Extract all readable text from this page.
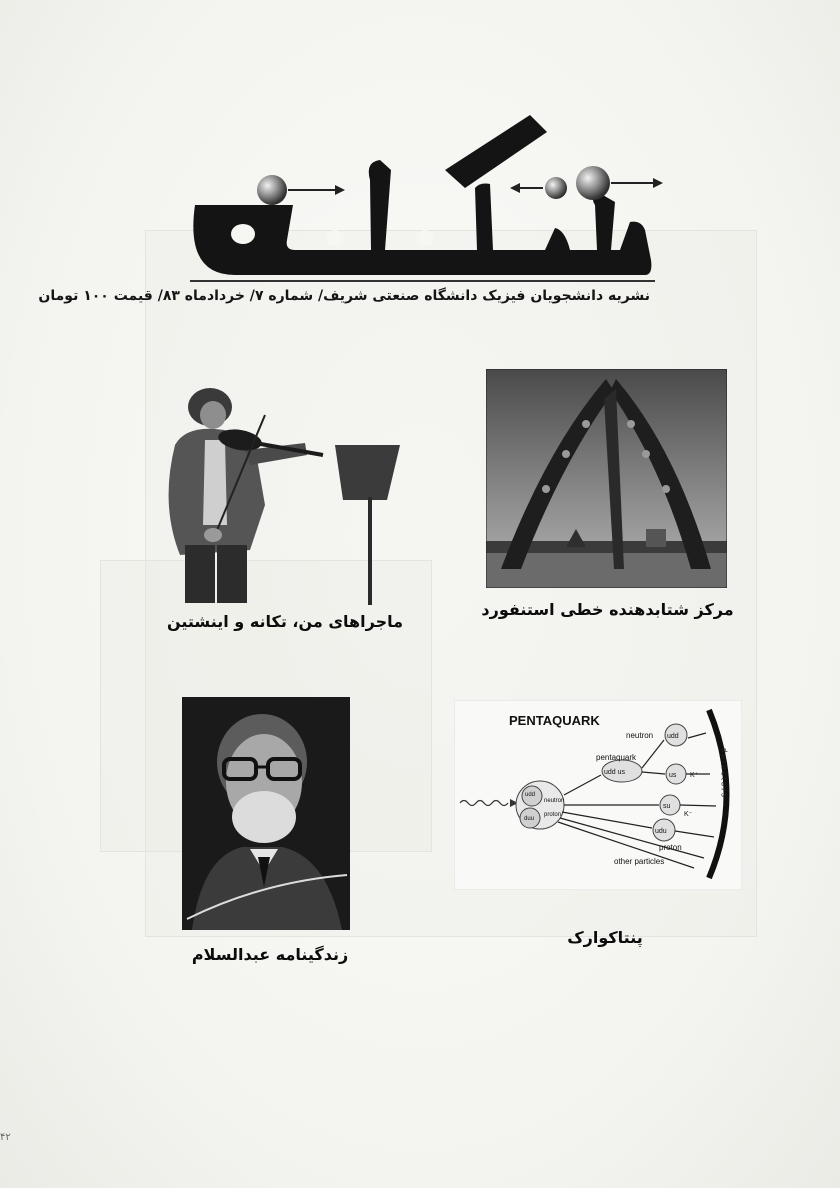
نشریه دانشجویان فیزیک دانشگاه صنعتی شریف/ شماره ۷/ خردادماه ۸۳/ قیمت ۱۰۰ تومان
مرکز شتابدهنده خطی استنفورد
ماجراهای من، تکانه و اینشتین
زندگینامه عبدالسلام
PENTAQUARK
detectors
udd
duu
neutron
proton
udd us
pentaquark
udd
neutron
us K⁺
su
K⁻
udu
proton
other particles
پنتاکوارک
۴۲
